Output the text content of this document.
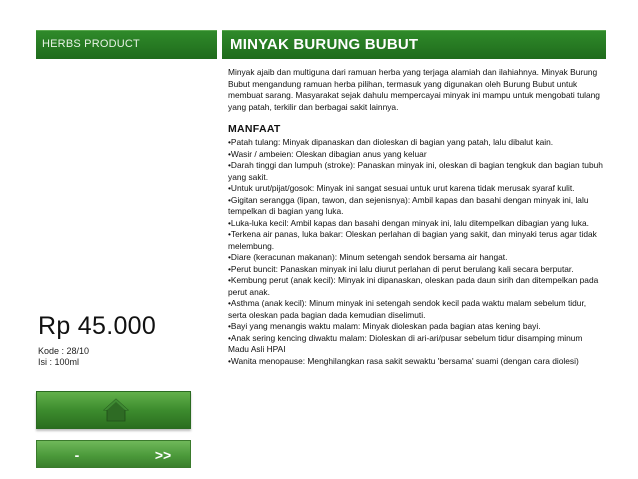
HERBS PRODUCT	MINYAK BURUNG BUBUT

Minyak ajaib dan multiguna dari ramuan herba yang terjaga alamiah dan ilahiahnya. Minyak Burung Bubut mengandung ramuan herba pilihan, termasuk yang digunakan oleh Burung Bubut untuk membuat sarang. Masyarakat sejak dahulu mempercayai minyak ini mampu untuk mengobati tulang yang patah, terkilir dan berbagai sakit lainnya.

MANFAAT
•Patah tulang: Minyak dipanaskan dan dioleskan di bagian yang patah, lalu dibalut kain.
•Wasir / ambeien: Oleskan dibagian anus yang keluar
•Darah tinggi dan lumpuh (stroke): Panaskan minyak ini, oleskan di bagian tengkuk dan bagian tubuh yang sakit.
•Untuk urut/pijat/gosok: Minyak ini sangat sesuai untuk urut karena tidak merusak syaraf kulit.
•Gigitan serangga (lipan, tawon, dan sejenisnya): Ambil kapas dan basahi dengan minyak ini, lalu tempelkan di bagian yang luka.
•Luka-luka kecil: Ambil kapas dan basahi dengan minyak ini, lalu ditempelkan dibagian yang luka.
•Terkena air panas, luka bakar: Oleskan perlahan di bagian yang sakit, dan minyaki terus agar tidak melembung.
•Diare (keracunan makanan): Minum setengah sendok bersama air hangat.
•Perut buncit: Panaskan minyak ini lalu diurut perlahan di perut berulang kali secara berputar.
•Kembung perut (anak kecil): Minyak ini dipanaskan, oleskan pada daun sirih dan ditempelkan pada perut anak.
•Asthma (anak kecil): Minum minyak ini setengah sendok kecil pada waktu malam sebelum tidur, serta oleskan pada bagian dada kemudian diselimuti.
•Bayi yang menangis waktu malam: Minyak dioleskan pada bagian atas kening bayi.
•Anak sering kencing diwaktu malam: Dioleskan di ari-ari/pusar sebelum tidur disamping minum Madu Asli HPAI
•Wanita menopause: Menghilangkan rasa sakit sewaktu 'bersama' suami (dengan cara diolesi)
Rp 45.000
Kode : 28/10
Isi : 100ml
-	>>
